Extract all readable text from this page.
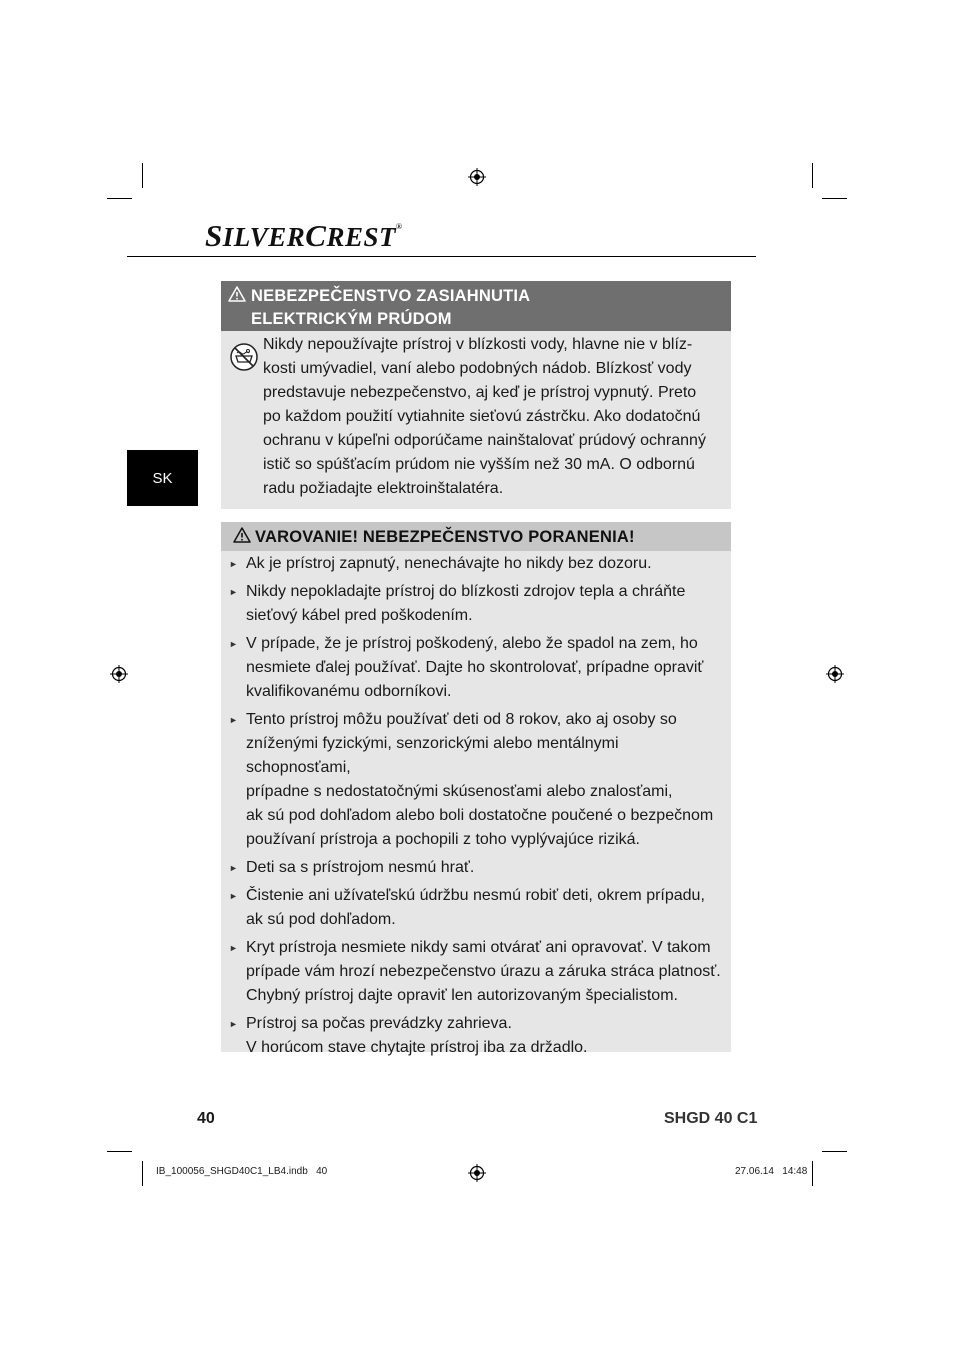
SILVERCREST®
SK
NEBEZPEČENSTVO ZASIAHNUTIA
ELEKTRICKÝM PRÚDOM
Nikdy nepoužívajte prístroj v blízkosti vody, hlavne nie v blíz-
kosti umývadiel, vaní alebo podobných nádob. Blízkosť vody
predstavuje nebezpečenstvo, aj keď je prístroj vypnutý. Preto
po každom použití vytiahnite sieťovú zástrčku. Ako dodatočnú
ochranu v kúpeľni odporúčame nainštalovať prúdový ochranný
istič so spúšťacím prúdom nie vyšším než 30 mA. O odbornú
radu požiadajte elektroinštalatéra.
VAROVANIE! NEBEZPEČENSTVO PORANENIA!
► Ak je prístroj zapnutý, nenechávajte ho nikdy bez dozoru.
► Nikdy nepokladajte prístroj do blízkosti zdrojov tepla a chráňte
sieťový kábel pred poškodením.
► V prípade, že je prístroj poškodený, alebo že spadol na zem, ho
nesmiete ďalej používať. Dajte ho skontrolovať, prípadne opraviť
kvalifikovanému odborníkovi.
► Tento prístroj môžu používať deti od 8 rokov, ako aj osoby so
zníženými fyzickými, senzorickými alebo mentálnymi schopnosťami,
prípadne s nedostatočnými skúsenosťami alebo znalosťami,
ak sú pod dohľadom alebo boli dostatočne poučené o bezpečnom
používaní prístroja a pochopili z toho vyplývajúce riziká.
► Deti sa s prístrojom nesmú hrať.
► Čistenie ani užívateľskú údržbu nesmú robiť deti, okrem prípadu,
ak sú pod dohľadom.
► Kryt prístroja nesmiete nikdy sami otvárať ani opravovať. V takom
prípade vám hrozí nebezpečenstvo úrazu a záruka stráca platnosť.
Chybný prístroj dajte opraviť len autorizovaným špecialistom.
► Prístroj sa počas prevádzky zahrieva.
V horúcom stave chytajte prístroj iba za držadlo.
40	SHGD 40 C1
IB_100056_SHGD40C1_LB4.indb   40	27.06.14   14:48
